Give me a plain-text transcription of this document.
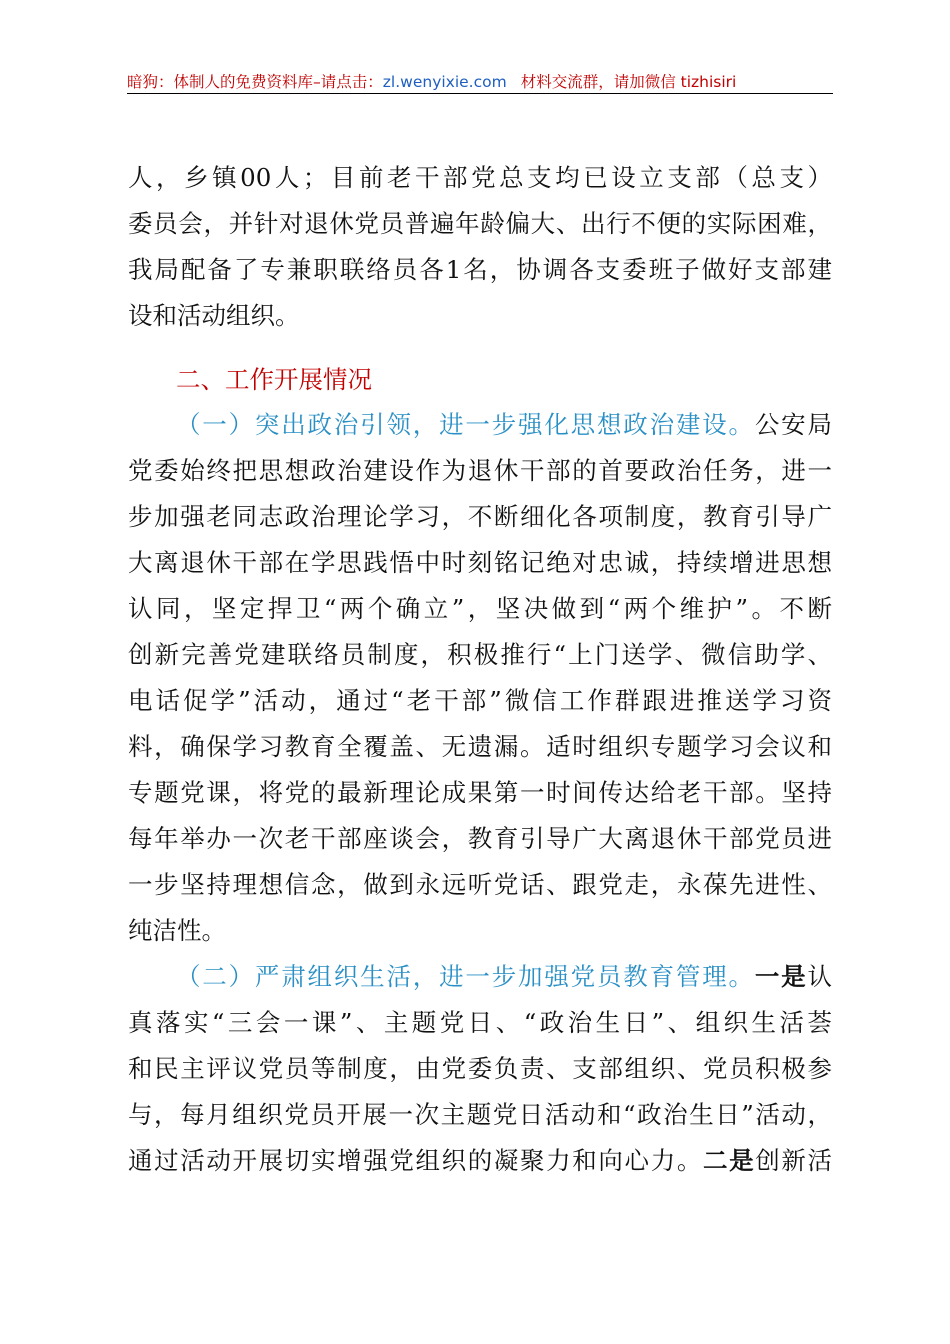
暗狗：体制人的免费资料库–请点击：zl.wenyixie.com 材料交流群，请加微信 tizhisiri
人，乡镇00人；目前老干部党总支均已设立支部（总支）
委员会，并针对退休党员普遍年龄偏大、出行不便的实际困难，
我局配备了专兼职联络员各1名，协调各支委班子做好支部建
设和活动组织。
二、工作开展情况
（一）突出政治引领，进一步强化思想政治建设。公安局
党委始终把思想政治建设作为退休干部的首要政治任务，进一
步加强老同志政治理论学习，不断细化各项制度，教育引导广
大离退休干部在学思践悟中时刻铭记绝对忠诚，持续增进思想
认同，坚定捍卫“两个确立”，坚决做到“两个维护”。不断
创新完善党建联络员制度，积极推行“上门送学、微信助学、
电话促学”活动，通过“老干部”微信工作群跟进推送学习资
料，确保学习教育全覆盖、无遗漏。适时组织专题学习会议和
专题党课，将党的最新理论成果第一时间传达给老干部。坚持
每年举办一次老干部座谈会，教育引导广大离退休干部党员进
一步坚持理想信念，做到永远听党话、跟党走，永葆先进性、
纯洁性。
（二）严肃组织生活，进一步加强党员教育管理。一是认
真落实“三会一课”、主题党日、“政治生日”、组织生活荟
和民主评议党员等制度，由党委负责、支部组织、党员积极参
与，每月组织党员开展一次主题党日活动和“政治生日”活动，
通过活动开展切实增强党组织的凝聚力和向心力。二是创新活
